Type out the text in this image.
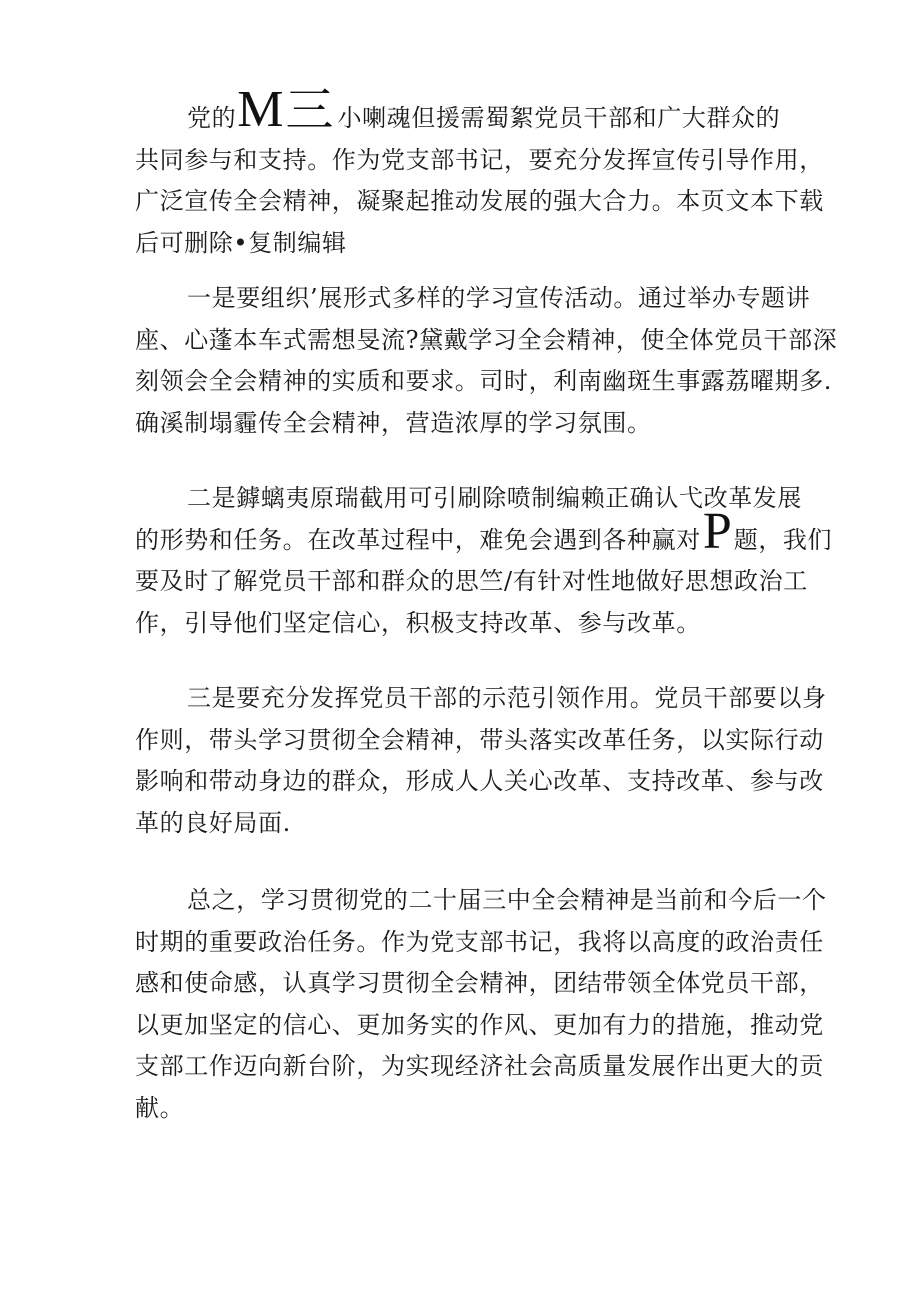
党的M三 小喇魂但援需蜀絮党员干部和广大群众的
共同参与和支持。作为党支部书记，要充分发挥宣传引导作用，
广泛宣传全会精神，凝聚起推动发展的强大合力。本页文本下载
后可删除•复制编辑
一是要组织’展形式多样的学习宣传活动。通过举办专题讲
座、心蓬本车式需想旻流?黛戴学习全会精神，使全体党员干部深
刻领会全会精神的实质和要求。司时，利南幽斑生事露荔曜期多.
确溪制塌霾传全会精神，营造浓厚的学习氛围。
二是鏬螭夷原瑞截用可引刷除喷制编赖正确认弋改革发展
的形势和任务。在改革过程中，难免会遇到各种赢对P题，我们
要及时了解党员干部和群众的思竺/有针对性地做好思想政治工
作，引导他们坚定信心，积极支持改革、参与改革。
三是要充分发挥党员干部的示范引领作用。党员干部要以身
作则，带头学习贯彻全会精神，带头落实改革任务，以实际行动
影响和带动身边的群众，形成人人关心改革、支持改革、参与改
革的良好局面.
总之，学习贯彻党的二十届三中全会精神是当前和今后一个
时期的重要政治任务。作为党支部书记，我将以高度的政治责任
感和使命感，认真学习贯彻全会精神，团结带领全体党员干部，
以更加坚定的信心、更加务实的作风、更加有力的措施，推动党
支部工作迈向新台阶，为实现经济社会高质量发展作出更大的贡
献。
